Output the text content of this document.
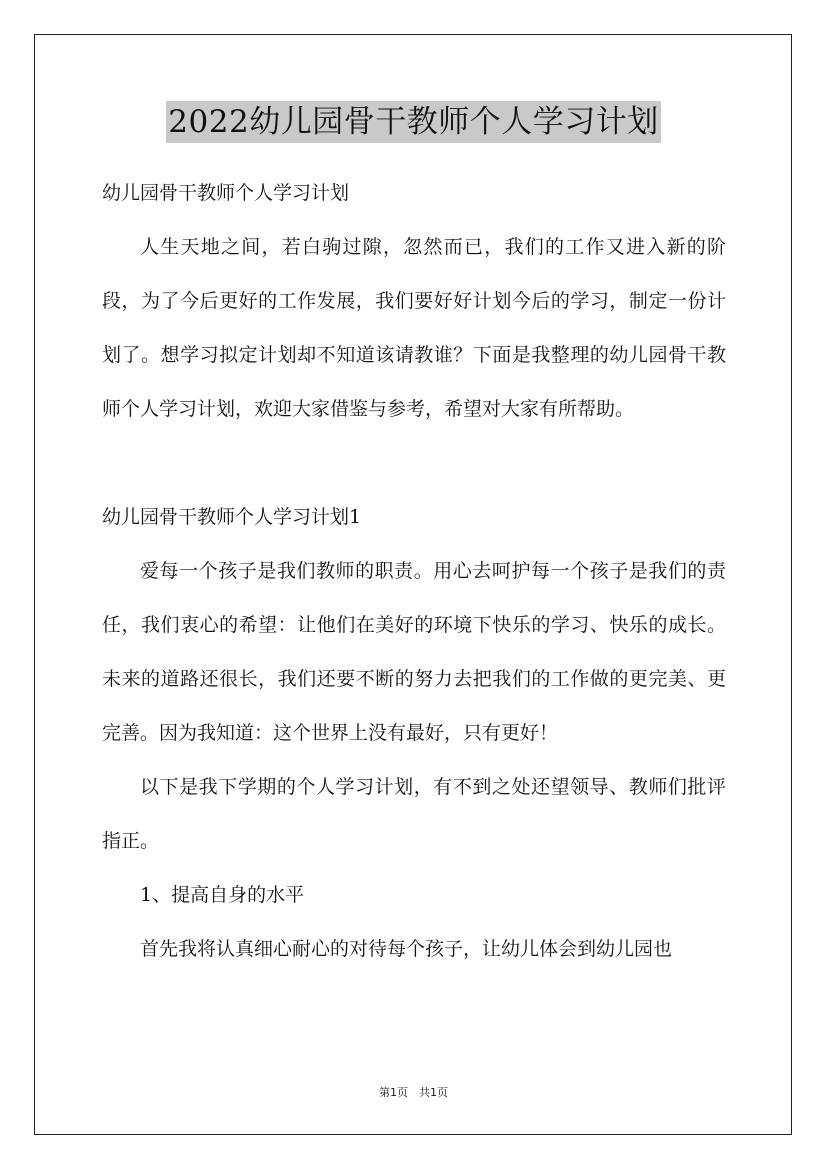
2022幼儿园骨干教师个人学习计划

幼儿园骨干教师个人学习计划

人生天地之间，若白驹过隙，忽然而已，我们的工作又进入新的阶段，为了今后更好的工作发展，我们要好好计划今后的学习，制定一份计划了。想学习拟定计划却不知道该请教谁？下面是我整理的幼儿园骨干教师个人学习计划，欢迎大家借鉴与参考，希望对大家有所帮助。

幼儿园骨干教师个人学习计划1

爱每一个孩子是我们教师的职责。用心去呵护每一个孩子是我们的责任，我们衷心的希望：让他们在美好的环境下快乐的学习、快乐的成长。未来的道路还很长，我们还要不断的努力去把我们的工作做的更完美、更完善。因为我知道：这个世界上没有最好，只有更好！

以下是我下学期的个人学习计划，有不到之处还望领导、教师们批评指正。

1、提高自身的水平

首先我将认真细心耐心的对待每个孩子，让幼儿体会到幼儿园也

第1页　共1页
